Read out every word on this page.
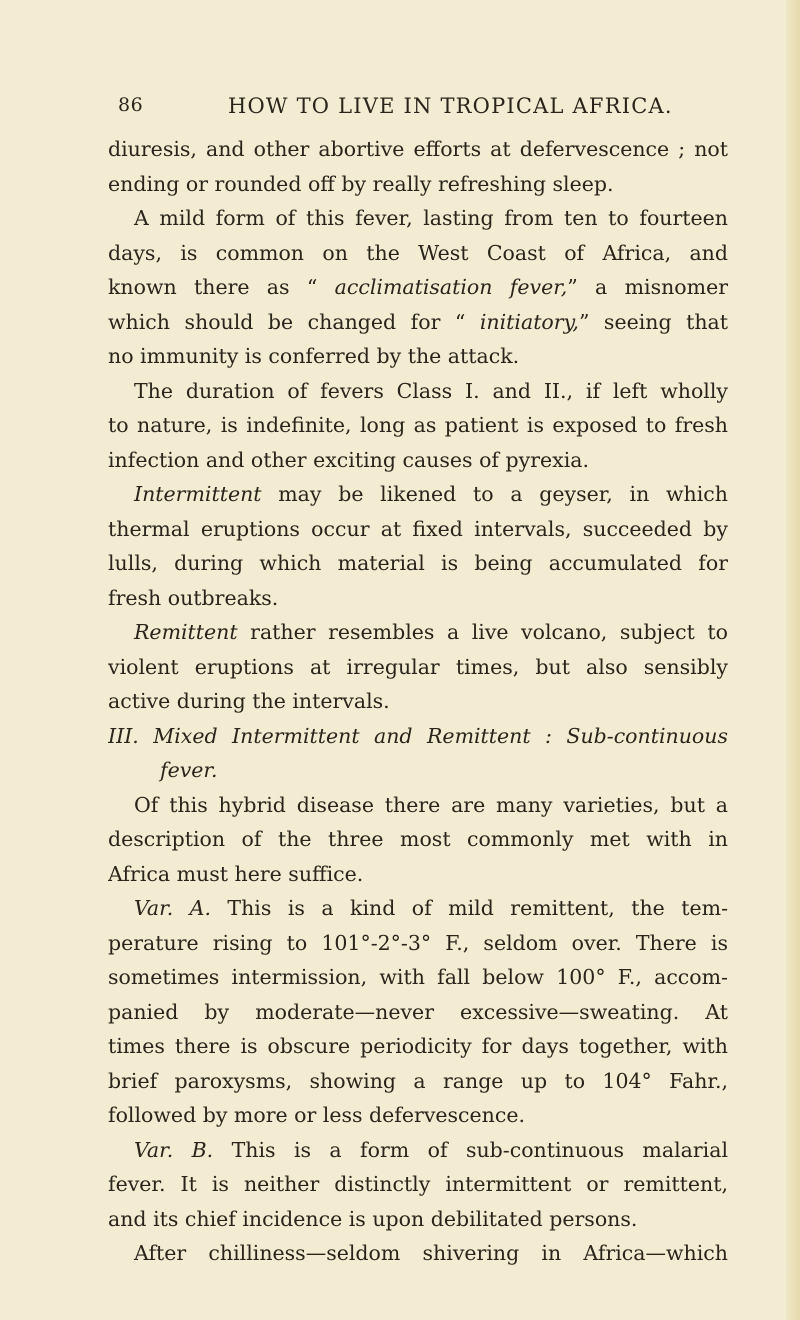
86	HOW TO LIVE IN TROPICAL AFRICA.
diuresis, and other abortive efforts at defervescence ; not
ending or rounded off by really refreshing sleep.
A mild form of this fever, lasting from ten to fourteen
days, is common on the West Coast of Africa, and
known there as “ acclimatisation fever,” a misnomer
which should be changed for “ initiatory,” seeing that
no immunity is conferred by the attack.
The duration of fevers Class I. and II., if left wholly
to nature, is indefinite, long as patient is exposed to fresh
infection and other exciting causes of pyrexia.
Intermittent may be likened to a geyser, in which
thermal eruptions occur at fixed intervals, succeeded by
lulls, during which material is being accumulated for
fresh outbreaks.
Remittent rather resembles a live volcano, subject to
violent eruptions at irregular times, but also sensibly
active during the intervals.
III. Mixed Intermittent and Remittent : Sub-continuous
fever.
Of this hybrid disease there are many varieties, but a
description of the three most commonly met with in
Africa must here suffice.
Var. A. This is a kind of mild remittent, the tem-
perature rising to 101°-2°-3° F., seldom over. There is
sometimes intermission, with fall below 100° F., accom-
panied by moderate—never excessive—sweating. At
times there is obscure periodicity for days together, with
brief paroxysms, showing a range up to 104° Fahr.,
followed by more or less defervescence.
Var. B. This is a form of sub-continuous malarial
fever. It is neither distinctly intermittent or remittent,
and its chief incidence is upon debilitated persons.
After chilliness—seldom shivering in Africa—which
